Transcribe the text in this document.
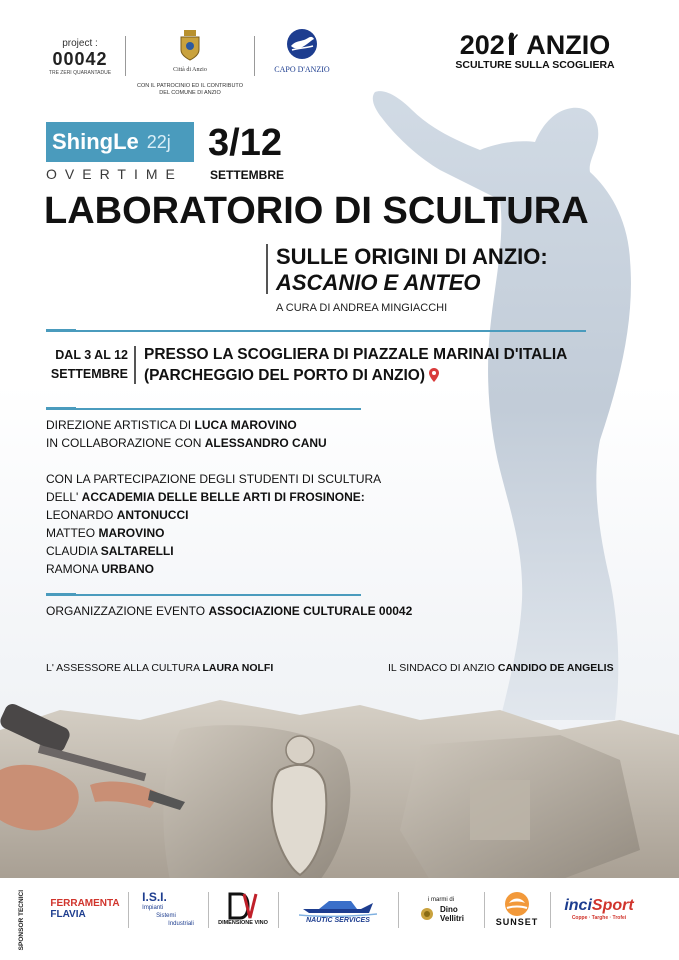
project :
00042
TRE ZERI QUARANTADUE	Città di Anzio
CON IL PATROCINIO ED IL CONTRIBUTO
DEL COMUNE DI ANZIO
CAPO D'ANZIO
202 ANZIO
SCULTURE SULLA SCOGLIERA
ShingLe 22j
OVERTIME
3/12
SETTEMBRE
LABORATORIO DI SCULTURA
SULLE ORIGINI DI ANZIO:
ASCANIO E ANTEO
A CURA DI ANDREA MINGIACCHI
DAL 3 AL 12
SETTEMBRE
PRESSO LA SCOGLIERA DI PIAZZALE MARINAI D'ITALIA
(PARCHEGGIO DEL PORTO DI ANZIO)
DIREZIONE ARTISTICA DI LUCA MAROVINO
IN COLLABORAZIONE CON ALESSANDRO CANU
CON LA PARTECIPAZIONE DEGLI STUDENTI DI SCULTURA
DELL' ACCADEMIA DELLE BELLE ARTI DI FROSINONE:
LEONARDO ANTONUCCI
MATTEO MAROVINO
CLAUDIA SALTARELLI
RAMONA URBANO
ORGANIZZAZIONE EVENTO ASSOCIAZIONE CULTURALE 00042
L' ASSESSORE ALLA CULTURA LAURA NOLFI	IL SINDACO DI ANZIO CANDIDO DE ANGELIS
SPONSOR TECNICI	FERRAMENTA
FLAVIA
I.S.I.
Impianti
Sistemi
Industriali	DIMENSIONE VINO	NAUTIC SERVICES
i marmi di
Dino
Vellitri	SUNSET
inciSport
Coppe · Targhe · Trofei
